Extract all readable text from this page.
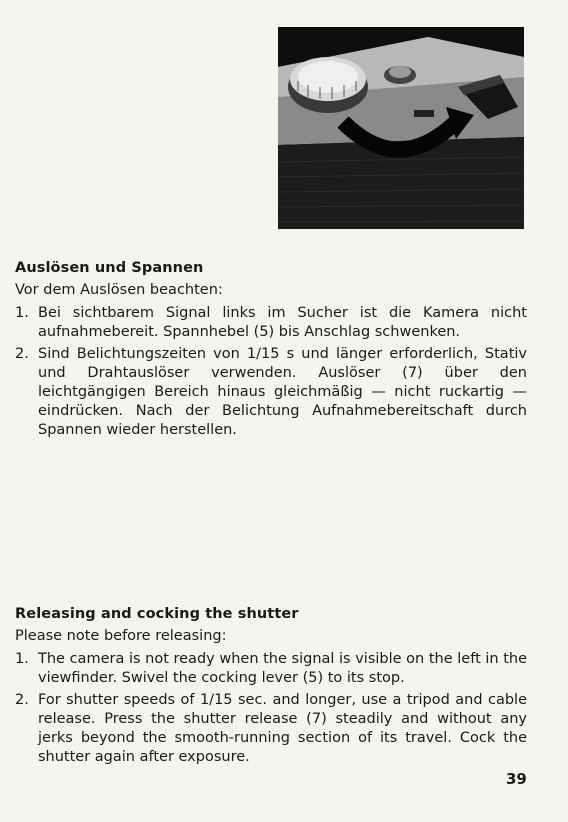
Auslösen und Spannen

Vor dem Auslösen beachten:

1. Bei sichtbarem Signal links im Sucher ist die Kamera nicht aufnahmebereit. Spannhebel (5) bis Anschlag schwenken.
2. Sind Belichtungszeiten von 1/15 s und länger erforderlich, Stativ und Drahtauslöser verwenden. Auslöser (7) über den leichtgängigen Bereich hinaus gleichmäßig — nicht ruckartig — eindrücken. Nach der Belichtung Aufnahmebereitschaft durch Spannen wieder herstellen.
Releasing and cocking the shutter

Please note before releasing:

1. The camera is not ready when the signal is visible on the left in the viewfinder. Swivel the cocking lever (5) to its stop.
2. For shutter speeds of 1/15 sec. and longer, use a tripod and cable release. Press the shutter release (7) steadily and without any jerks beyond the smooth-running section of its travel. Cock the shutter again after exposure.
39
